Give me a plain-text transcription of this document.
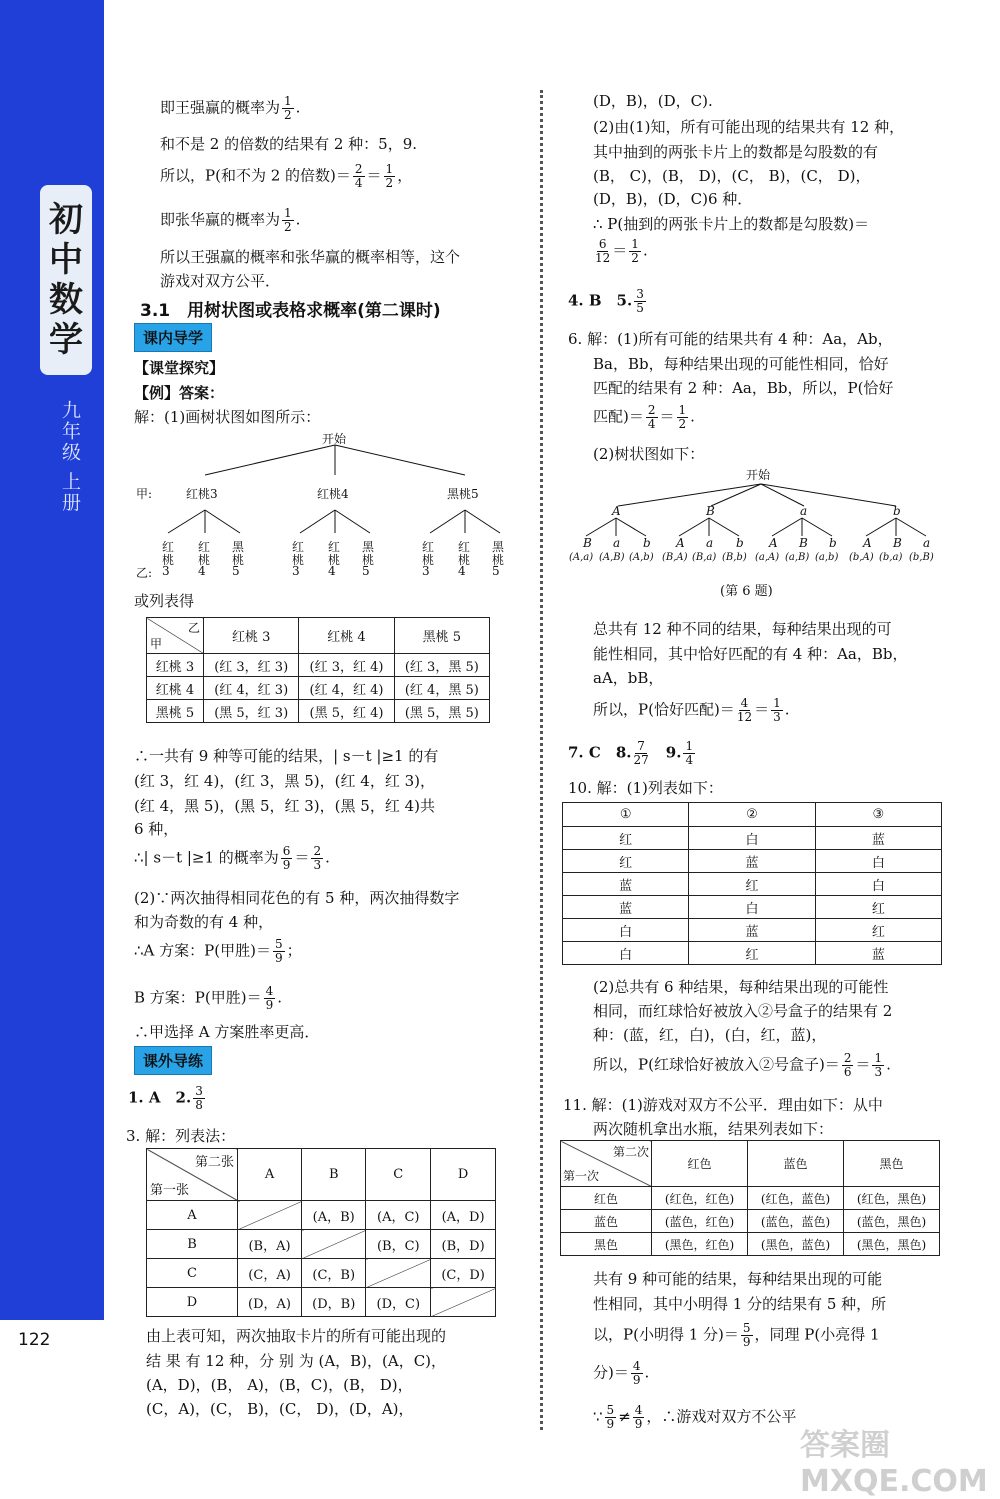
初
中
数
学
九年级 上册
122
即王强赢的概率为 $\frac{1}{2}$ .
和不是 2 的倍数的结果有 2 种：5，9.
所以，P(和不为 2 的倍数)＝ $\frac{2}{4} = \frac{1}{2}$ ，
即张华赢的概率为 $\frac{1}{2}$ .
所以王强赢的概率和张华赢的概率相等，这个
游戏对双方公平．
3.1　用树状图或表格求概率(第二课时)
课内导学
【课堂探究】
【例】答案：
解：(1)画树状图如图所示：
开始
甲:	红桃3	红桃4	黑桃5
乙:
红
桃
3
红
桃
4
黑
桃
5
红
桃
3
红
桃
4
黑
桃
5
红
桃
3
红
桃
4
黑
桃
5
或列表得
乙
甲	红桃 3	红桃 4	黑桃 5
红桃 3	(红 3，红 3)	(红 3，红 4)	(红 3，黑 5)
红桃 4	(红 4，红 3)	(红 4，红 4)	(红 4，黑 5)
黑桃 5	(黑 5，红 3)	(黑 5，红 4)	(黑 5，黑 5)
∴一共有 9 种等可能的结果，| s－t |≥1 的有
(红 3，红 4)，(红 3，黑 5)，(红 4，红 3)，
(红 4，黑 5)，(黑 5，红 3)，(黑 5，红 4)共
6 种，
∴| s－t |≥1 的概率为 $\frac{6}{9} = \frac{2}{3}$ .
(2)∵两次抽得相同花色的有 5 种，两次抽得数字
和为奇数的有 4 种，
∴A 方案：P(甲胜)＝ $\frac{5}{9}$ ；
B 方案：P(甲胜)＝ $\frac{4}{9}$ .
∴甲选择 A 方案胜率更高．
课外导练
1. A　2. $\frac{3}{8}$
3. 解：列表法：
第二张
第一张	A	B	C	D
A		(A，B)	(A，C)	(A，D)
B	(B，A)		(B，C)	(B，D)
C	(C，A)	(C，B)		(C，D)
D	(D，A)	(D，B)	(D，C)	
由上表可知，两次抽取卡片的所有可能出现的
结 果 有 12 种，分 别 为 (A，B)，(A，C)，
(A，D)，(B， A)，(B，C)，(B， D)，
(C，A)，(C， B)，(C， D)，(D，A)，
(D，B)，(D，C).
(2)由(1)知，所有可能出现的结果共有 12 种，
其中抽到的两张卡片上的数都是勾股数的有
(B， C)，(B， D)，(C， B)，(C， D)，
(D，B)，(D，C)6 种．
∴ P(抽到的两张卡片上的数都是勾股数)＝
$\frac{6}{12} = \frac{1}{2}$ .
4. B　5. $\frac{3}{5}$
6. 解：(1)所有可能的结果共有 4 种：Aa，Ab，
Ba，Bb，每种结果出现的可能性相同，恰好
匹配的结果有 2 种：Aa，Bb，所以，P(恰好
匹配)＝ $\frac{2}{4} = \frac{1}{2}$ .
(2)树状图如下：
开始
A	B	a	b
B
(A,a)
a
(A,B)
b
(A,b)
A
(B,A)
a
(B,a)
b
(B,b)
A
(a,A)
B
(a,B)
b
(a,b)
A
(b,A)
B
(b,a)
a
(b,B)
(第 6 题)
总共有 12 种不同的结果，每种结果出现的可
能性相同，其中恰好匹配的有 4 种：Aa，Bb，
aA，bB，
所以，P(恰好匹配)＝ $\frac{4}{12} = \frac{1}{3}$ .
7. C　8. $\frac{7}{27}$
　 9. $\frac{1}{4}$
10. 解：(1)列表如下：
①	②	③
红	白	蓝
红	蓝	白
蓝	红	白
蓝	白	红
白	蓝	红
白	红	蓝
(2)总共有 6 种结果，每种结果出现的可能性
相同，而红球恰好被放入②号盒子的结果有 2
种：(蓝，红，白)，(白，红，蓝)，
所以，P(红球恰好被放入②号盒子)＝ $\frac{2}{6} = \frac{1}{3}$ .
11. 解：(1)游戏对双方不公平．理由如下：从中
两次随机拿出水瓶，结果列表如下：
第二次
第一次	红色	蓝色	黑色
红色	(红色，红色)	(红色，蓝色)	(红色，黑色)
蓝色	(蓝色，红色)	(蓝色，蓝色)	(蓝色，黑色)
黑色	(黑色，红色)	(黑色，蓝色)	(黑色，黑色)
共有 9 种可能的结果，每种结果出现的可能
性相同，其中小明得 1 分的结果有 5 种，所
以，P(小明得 1 分)＝ $\frac{5}{9}$ ，同理 P(小亮得 1
分)＝ $\frac{4}{9}$ .
∵ $\frac{5}{9} \ne \frac{4}{9}$ ，∴游戏对双方不公平
答案圈 MXQE.COM
